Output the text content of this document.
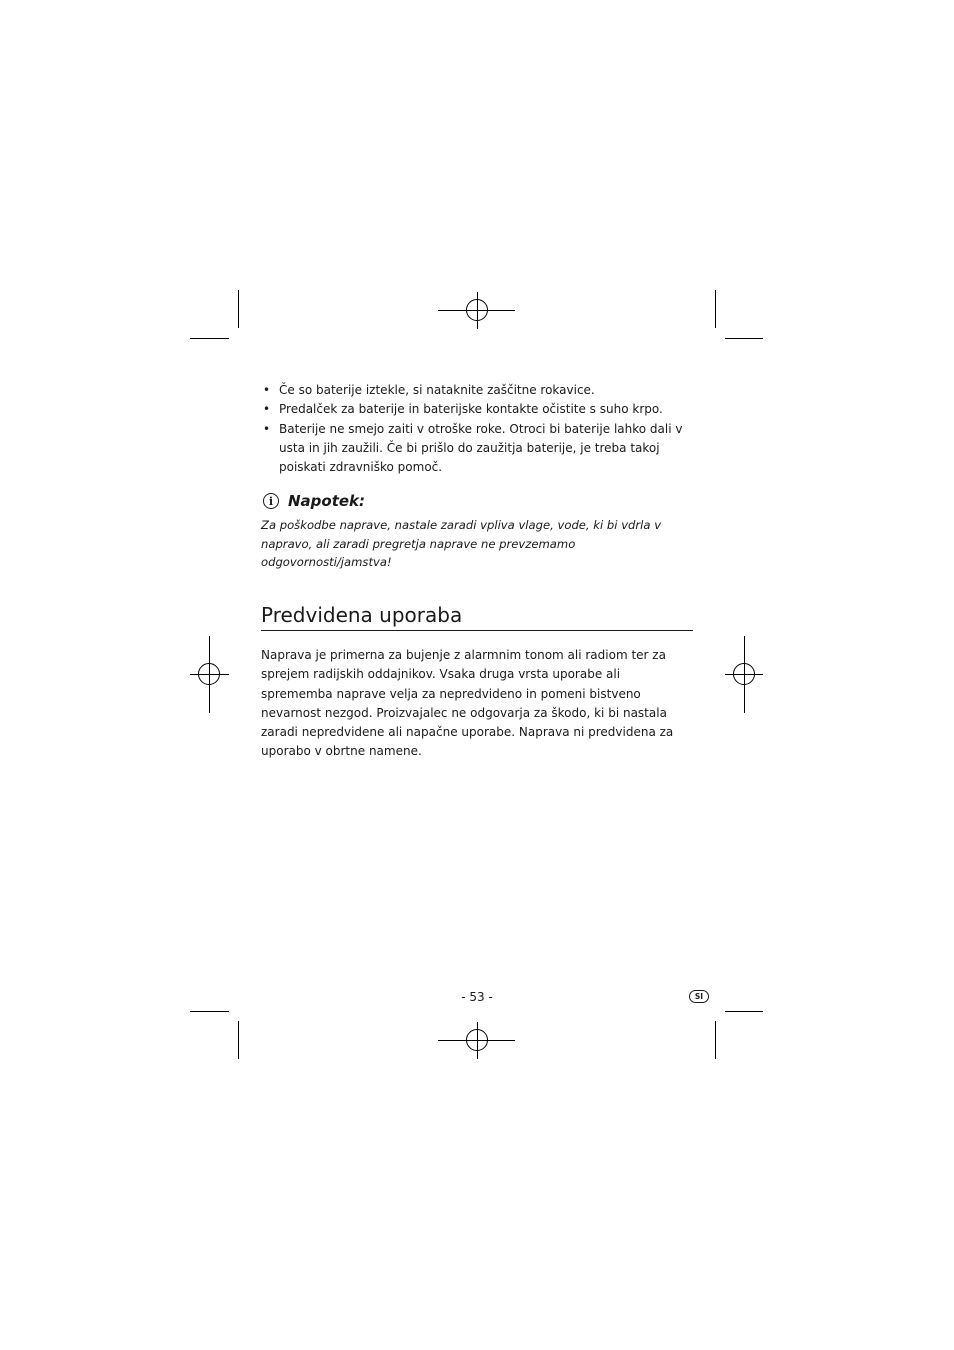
• Če so baterije iztekle, si nataknite zaščitne rokavice.
• Predalček za baterije in baterijske kontakte očistite s suho krpo.
• Baterije ne smejo zaiti v otroške roke. Otroci bi baterije lahko dali v usta in jih zaužili. Če bi prišlo do zaužitja baterije, je treba takoj poiskati zdravniško pomoč.
i Napotek:
Za poškodbe naprave, nastale zaradi vpliva vlage, vode, ki bi vdrla v napravo, ali zaradi pregretja naprave ne prevzemamo odgovornosti/jamstva!
Predvidena uporaba
Naprava je primerna za bujenje z alarmnim tonom ali radiom ter za sprejem radijskih oddajnikov. Vsaka druga vrsta uporabe ali sprememba naprave velja za nepredvideno in pomeni bistveno nevarnost nezgod. Proizvajalec ne odgovarja za škodo, ki bi nastala zaradi nepredvidene ali napačne uporabe. Naprava ni predvidena za uporabo v obrtne namene.
- 53 -	SI
